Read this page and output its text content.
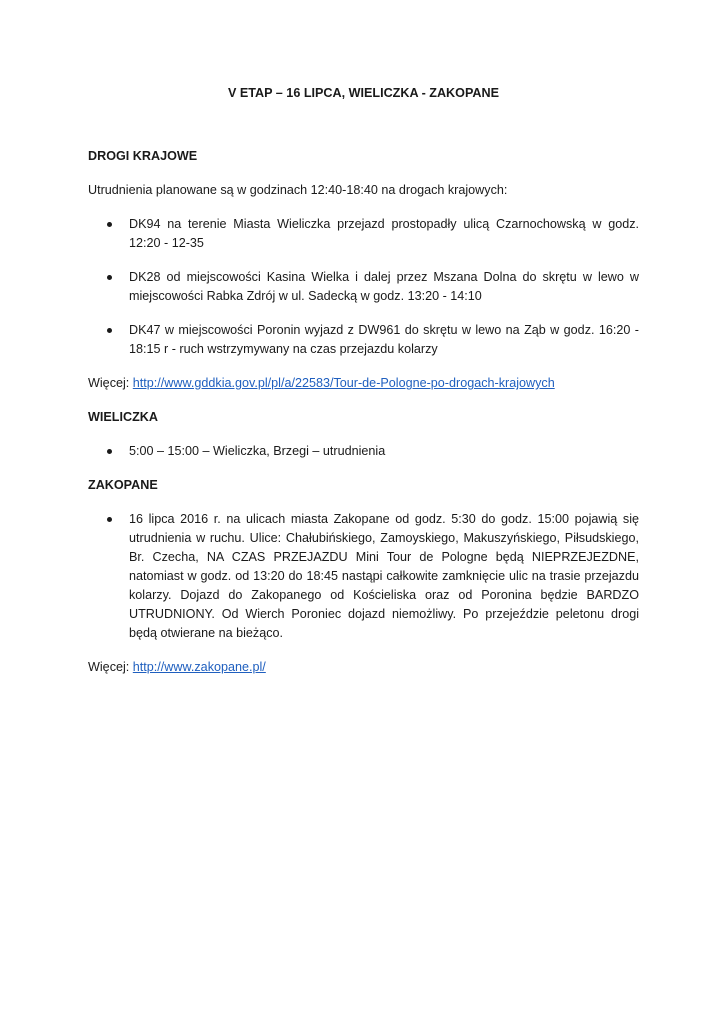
V ETAP – 16 LIPCA, WIELICZKA - ZAKOPANE
DROGI KRAJOWE
Utrudnienia planowane są w godzinach 12:40-18:40 na drogach krajowych:
DK94 na terenie Miasta Wieliczka przejazd prostopadły ulicą Czarnochowską w godz. 12:20 - 12-35
DK28 od miejscowości Kasina Wielka i dalej przez Mszana Dolna do skrętu w lewo w miejscowości Rabka Zdrój w ul. Sadecką w godz. 13:20 - 14:10
DK47 w miejscowości Poronin wyjazd z DW961 do skrętu w lewo na Ząb w godz. 16:20 - 18:15 r - ruch wstrzymywany na czas przejazdu kolarzy
Więcej: http://www.gddkia.gov.pl/pl/a/22583/Tour-de-Pologne-po-drogach-krajowych
WIELICZKA
5:00 – 15:00 – Wieliczka, Brzegi – utrudnienia
ZAKOPANE
16 lipca 2016 r. na ulicach miasta Zakopane od godz. 5:30 do godz. 15:00 pojawią się utrudnienia w ruchu. Ulice: Chałubińskiego, Zamoyskiego, Makuszyńskiego, Piłsudskiego, Br. Czecha, NA CZAS PRZEJAZDU Mini Tour de Pologne będą NIEPRZEJEZDNE, natomiast w godz. od 13:20 do 18:45 nastąpi całkowite zamknięcie ulic na trasie przejazdu kolarzy. Dojazd do Zakopanego od Kościeliska oraz od Poronina będzie BARDZO UTRUDNIONY. Od Wierch Poroniec dojazd niemożliwy. Po przejeździe peletonu drogi będą otwierane na bieżąco.
Więcej: http://www.zakopane.pl/
